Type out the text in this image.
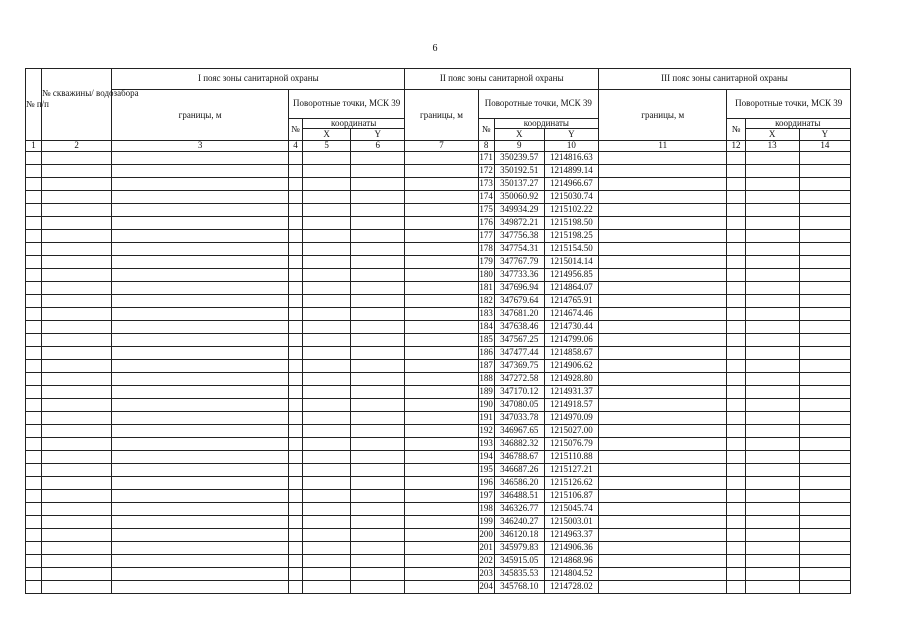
6
№ п/п	№ скважины/ водозабора	I пояс зоны санитарной охраны				II пояс зоны санитарной охраны				III пояс зоны санитарной охраны			
		границы, м	Поворотные точки, МСК 39			границы, м	Поворотные точки, МСК 39			границы, м	Поворотные точки, МСК 39		
			№	координаты			№	координаты			№	координаты	
				X	Y			X	Y			X	Y
1	2	3	4	5	6	7	8	9	10	11	12	13	14
							171	350239.57	1214816.63				
							172	350192.51	1214899.14				
							173	350137.27	1214966.67				
							174	350060.92	1215030.74				
							175	349934.29	1215102.22				
							176	349872.21	1215198.50				
							177	347756.38	1215198.25				
							178	347754.31	1215154.50				
							179	347767.79	1215014.14				
							180	347733.36	1214956.85				
							181	347696.94	1214864.07				
							182	347679.64	1214765.91				
							183	347681.20	1214674.46				
							184	347638.46	1214730.44				
							185	347567.25	1214799.06				
							186	347477.44	1214858.67				
							187	347369.75	1214906.62				
							188	347272.58	1214928.80				
							189	347170.12	1214931.37				
							190	347080.05	1214918.57				
							191	347033.78	1214970.09				
							192	346967.65	1215027.00				
							193	346882.32	1215076.79				
							194	346788.67	1215110.88				
							195	346687.26	1215127.21				
							196	346586.20	1215126.62				
							197	346488.51	1215106.87				
							198	346326.77	1215045.74				
							199	346240.27	1215003.01				
							200	346120.18	1214963.37				
							201	345979.83	1214906.36				
							202	345915.05	1214868.96				
							203	345835.53	1214804.52				
							204	345768.10	1214728.02				
